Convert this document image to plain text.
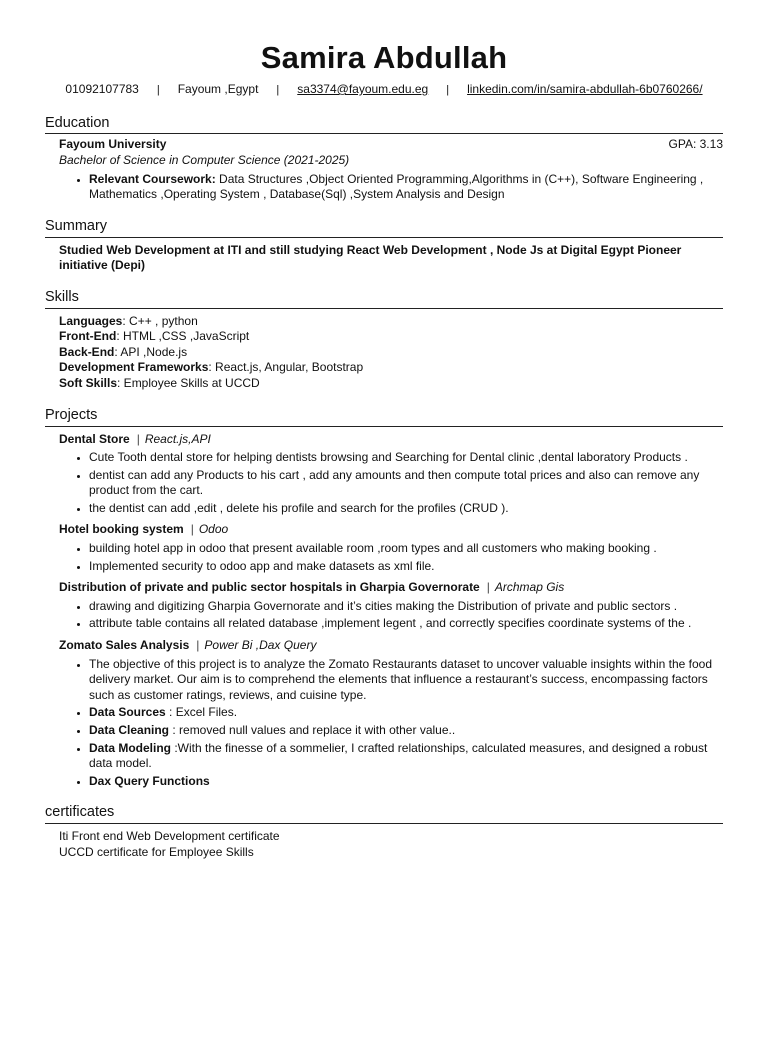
Samira Abdullah
01092107783 | Fayoum ,Egypt | sa3374@fayoum.edu.eg | linkedin.com/in/samira-abdullah-6b0760266/
Education
Fayoum University	GPA: 3.13
Bachelor of Science in Computer Science (2021-2025)
• Relevant Coursework: Data Structures ,Object Oriented Programming,Algorithms in (C++), Software Engineering , Mathematics ,Operating System , Database(Sql) ,System Analysis and Design
Summary
Studied Web Development at ITI and still studying React Web Development , Node Js at Digital Egypt Pioneer initiative (Depi)
Skills
Languages: C++ , python
Front-End: HTML ,CSS ,JavaScript
Back-End: API ,Node.js
Development Frameworks: React.js, Angular, Bootstrap
Soft Skills: Employee Skills at UCCD
Projects
Dental Store | React.js,API
• Cute Tooth dental store for helping dentists browsing and Searching for Dental clinic ,dental laboratory Products .
• dentist can add any Products to his cart , add any amounts and then compute total prices and also can remove any product from the cart.
• the dentist can add ,edit , delete his profile and search for the profiles (CRUD ).
Hotel booking system | Odoo
• building hotel app in odoo that present available room ,room types and all customers who making booking .
• Implemented security to odoo app and make datasets as xml file.
Distribution of private and public sector hospitals in Gharpia Governorate | Archmap Gis
• drawing and digitizing Gharpia Governorate and it’s cities making the Distribution of private and public sectors .
• attribute table contains all related database ,implement legent , and correctly specifies coordinate systems of the .
Zomato Sales Analysis | Power Bi ,Dax Query
• The objective of this project is to analyze the Zomato Restaurants dataset to uncover valuable insights within the food delivery market. Our aim is to comprehend the elements that influence a restaurant’s success, encompassing factors such as customer ratings, reviews, and cuisine type.
• Data Sources : Excel Files.
• Data Cleaning : removed null values and replace it with other value..
• Data Modeling :With the finesse of a sommelier, I crafted relationships, calculated measures, and designed a robust data model.
• Dax Query Functions
certificates
Iti Front end Web Development certificate
UCCD certificate for Employee Skills
